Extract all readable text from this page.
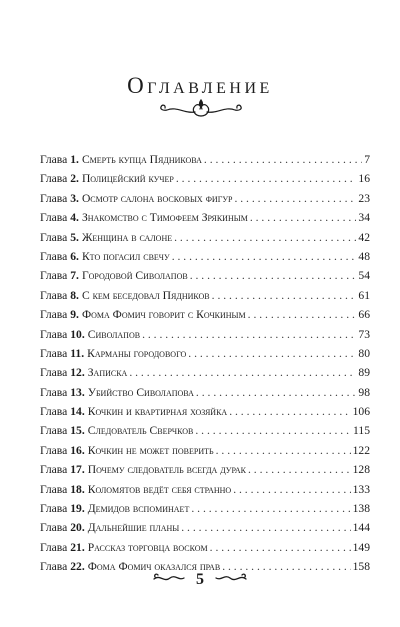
Оглавление
Глава 1. Смерть купца Пядникова . . .	7
Глава 2. Полицейский кучер . . .	16
Глава 3. Осмотр салона восковых фигур . . .	23
Глава 4. Знакомство с Тимофеем Зрякиным . . .	34
Глава 5. Женщина в салоне . . .	42
Глава 6. Кто погасил свечу . . .	48
Глава 7. Городовой Сиволапов . . .	54
Глава 8. С кем беседовал Пядников . . .	61
Глава 9. Фома Фомич говорит с Кочкиным . . .	66
Глава 10. Сиволапов . . .	73
Глава 11. Карманы городового . . .	80
Глава 12. Записка . . .	89
Глава 13. Убийство Сиволапова . . .	98
Глава 14. Кочкин и квартирная хозяйка . . .	106
Глава 15. Следователь Сверчков . . .	115
Глава 16. Кочкин не может поверить . . .	122
Глава 17. Почему следователь всегда дурак . . .	128
Глава 18. Коломятов ведёт себя странно . . .	133
Глава 19. Демидов вспоминает . . .	138
Глава 20. Дальнейшие планы . . .	144
Глава 21. Рассказ торговца воском . . .	149
Глава 22. Фома Фомич оказался прав . . .	158
5
